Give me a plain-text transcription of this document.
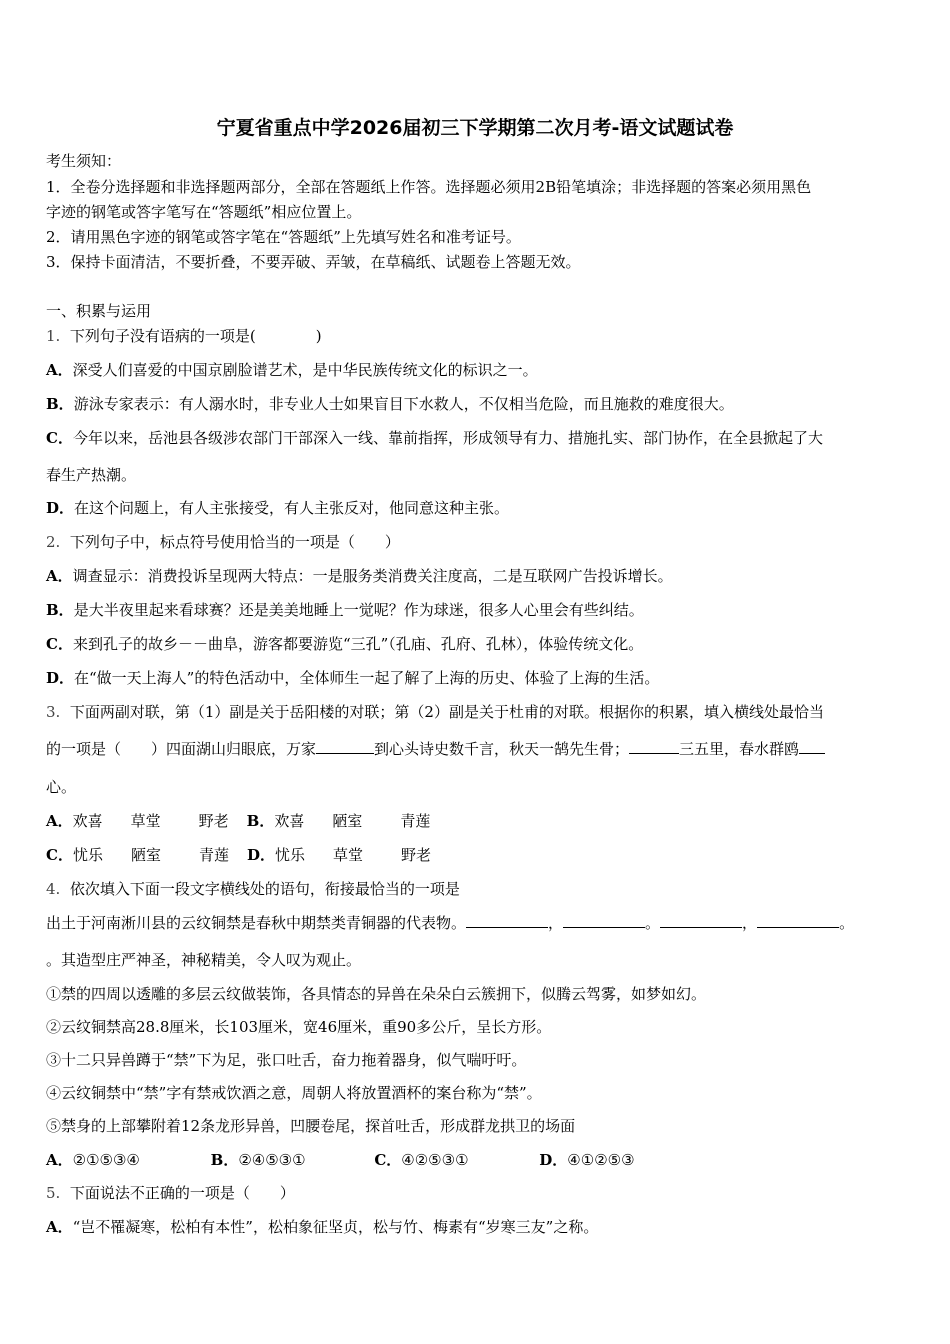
宁夏省重点中学2026届初三下学期第二次月考-语文试题试卷
考生须知：
1．全卷分选择题和非选择题两部分，全部在答题纸上作答。选择题必须用2B铅笔填涂；非选择题的答案必须用黑色
字迹的钢笔或答字笔写在“答题纸”相应位置上。
2．请用黑色字迹的钢笔或答字笔在“答题纸”上先填写姓名和准考证号。
3．保持卡面清洁，不要折叠，不要弄破、弄皱，在草稿纸、试题卷上答题无效。
一、积累与运用
1. 下列句子没有语病的一项是(　　　　)
A．深受人们喜爱的中国京剧脸谱艺术，是中华民族传统文化的标识之一。
B．游泳专家表示：有人溺水时，非专业人士如果盲目下水救人，不仅相当危险，而且施救的难度很大。
C．今年以来，岳池县各级涉农部门干部深入一线、靠前指挥，形成领导有力、措施扎实、部门协作，在全县掀起了大
春生产热潮。
D．在这个问题上，有人主张接受，有人主张反对，他同意这种主张。
2. 下列句子中，标点符号使用恰当的一项是（　　）
A．调查显示：消费投诉呈现两大特点：一是服务类消费关注度高，二是互联网广告投诉增长。
B．是大半夜里起来看球赛？还是美美地睡上一觉呢？作为球迷，很多人心里会有些纠结。
C．来到孔子的故乡－－曲阜，游客都要游览“三孔”（孔庙、孔府、孔林），体验传统文化。
D．在“做一天上海人”的特色活动中，全体师生一起了解了上海的历史、体验了上海的生活。
3. 下面两副对联，第（1）副是关于岳阳楼的对联；第（2）副是关于杜甫的对联。根据你的积累，填入横线处最恰当
的一项是（　　）四面湖山归眼底，万家	到心头诗史数千言，秋天一鹄先生骨；	三五里，春水群鸥
心。
A．欢喜 草堂	野老 B．欢喜 陋室	青莲
C．忧乐 陋室	青莲 D．忧乐 草堂	野老
4. 依次填入下面一段文字横线处的语句，衔接最恰当的一项是
出土于河南淅川县的云纹铜禁是春秋中期禁类青铜器的代表物。	，	。	，	。
。其造型庄严神圣，神秘精美，令人叹为观止。
①禁的四周以透雕的多层云纹做装饰，各具情态的异兽在朵朵白云簇拥下，似腾云驾雾，如梦如幻。
②云纹铜禁高28.8厘米，长103厘米，宽46厘米，重90多公斤，呈长方形。
③十二只异兽蹲于“禁”下为足，张口吐舌，奋力拖着器身，似气喘吁吁。
④云纹铜禁中“禁”字有禁戒饮酒之意，周朝人将放置酒杯的案台称为“禁”。
⑤禁身的上部攀附着12条龙形异兽，凹腰卷尾，探首吐舌，形成群龙拱卫的场面
A．②①⑤③④	B．②④⑤③①	C．④②⑤③①	D．④①②⑤③
5. 下面说法不正确的一项是（　　）
A．“岂不罹凝寒，松柏有本性”，松柏象征坚贞，松与竹、梅素有“岁寒三友”之称。
